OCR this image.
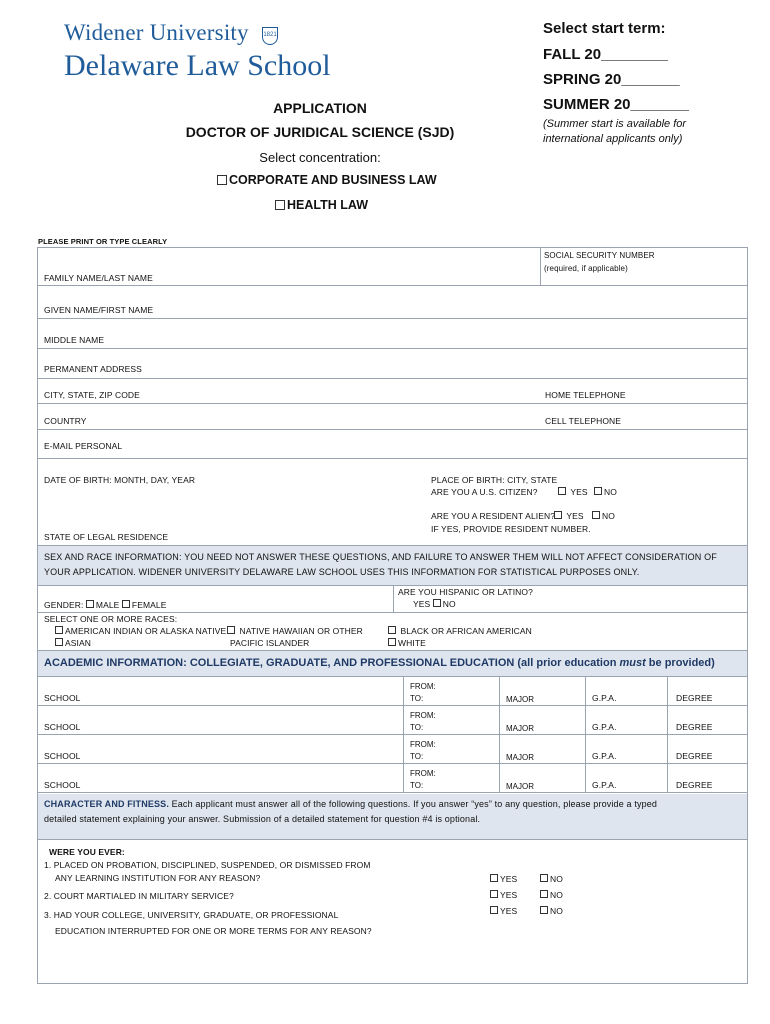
Widener University 1821
Delaware Law School
Select start term:
FALL 20________
SPRING 20_______
SUMMER 20_______
(Summer start is available for
international applicants only)
APPLICATION
DOCTOR OF JURIDICAL SCIENCE (SJD)
Select concentration:
CORPORATE AND BUSINESS LAW
HEALTH LAW
PLEASE PRINT OR TYPE CLEARLY
SOCIAL SECURITY NUMBER
(required, if applicable)
FAMILY NAME/LAST NAME
GIVEN NAME/FIRST NAME
MIDDLE NAME
PERMANENT ADDRESS
CITY, STATE, ZIP CODE	HOME TELEPHONE
COUNTRY	CELL TELEPHONE
E-MAIL PERSONAL
DATE OF BIRTH: MONTH, DAY, YEAR	PLACE OF BIRTH: CITY, STATE
ARE YOU A U.S. CITIZEN?	YES	NO
ARE YOU A RESIDENT ALIEN?	YES	NO
IF YES, PROVIDE RESIDENT NUMBER.
STATE OF LEGAL RESIDENCE
SEX AND RACE INFORMATION: YOU NEED NOT ANSWER THESE QUESTIONS, AND FAILURE TO ANSWER THEM WILL NOT AFFECT CONSIDERATION OF
YOUR APPLICATION. WIDENER UNIVERSITY DELAWARE LAW SCHOOL USES THIS INFORMATION FOR STATISTICAL PURPOSES ONLY.
ARE YOU HISPANIC OR LATINO?
YES NO
GENDER: MALE FEMALE
SELECT ONE OR MORE RACES:
AMERICAN INDIAN OR ALASKA NATIVE	NATIVE HAWAIIAN OR OTHER
PACIFIC ISLANDER
BLACK OR AFRICAN AMERICAN
ASIAN	WHITE
ACADEMIC INFORMATION: COLLEGIATE, GRADUATE, AND PROFESSIONAL EDUCATION (all prior education must be provided)
SCHOOL
FROM:
TO:	MAJOR	G.P.A.	DEGREE
SCHOOL
FROM:
TO:	MAJOR	G.P.A.	DEGREE
SCHOOL
FROM:
TO:	MAJOR	G.P.A.	DEGREE
SCHOOL
FROM:
TO:	MAJOR	G.P.A.	DEGREE
CHARACTER AND FITNESS. Each applicant must answer all of the following questions. If you answer “yes” to any question, please provide a typed
detailed statement explaining your answer. Submission of a detailed statement for question #4 is optional.
WERE YOU EVER:
1. PLACED ON PROBATION, DISCIPLINED, SUSPENDED, OR DISMISSED FROM
ANY LEARNING INSTITUTION FOR ANY REASON?
2. COURT MARTIALED IN MILITARY SERVICE?
3. HAD YOUR COLLEGE, UNIVERSITY, GRADUATE, OR PROFESSIONAL
EDUCATION INTERRUPTED FOR ONE OR MORE TERMS FOR ANY REASON?
YES	NO
YES	NO
YES	NO
